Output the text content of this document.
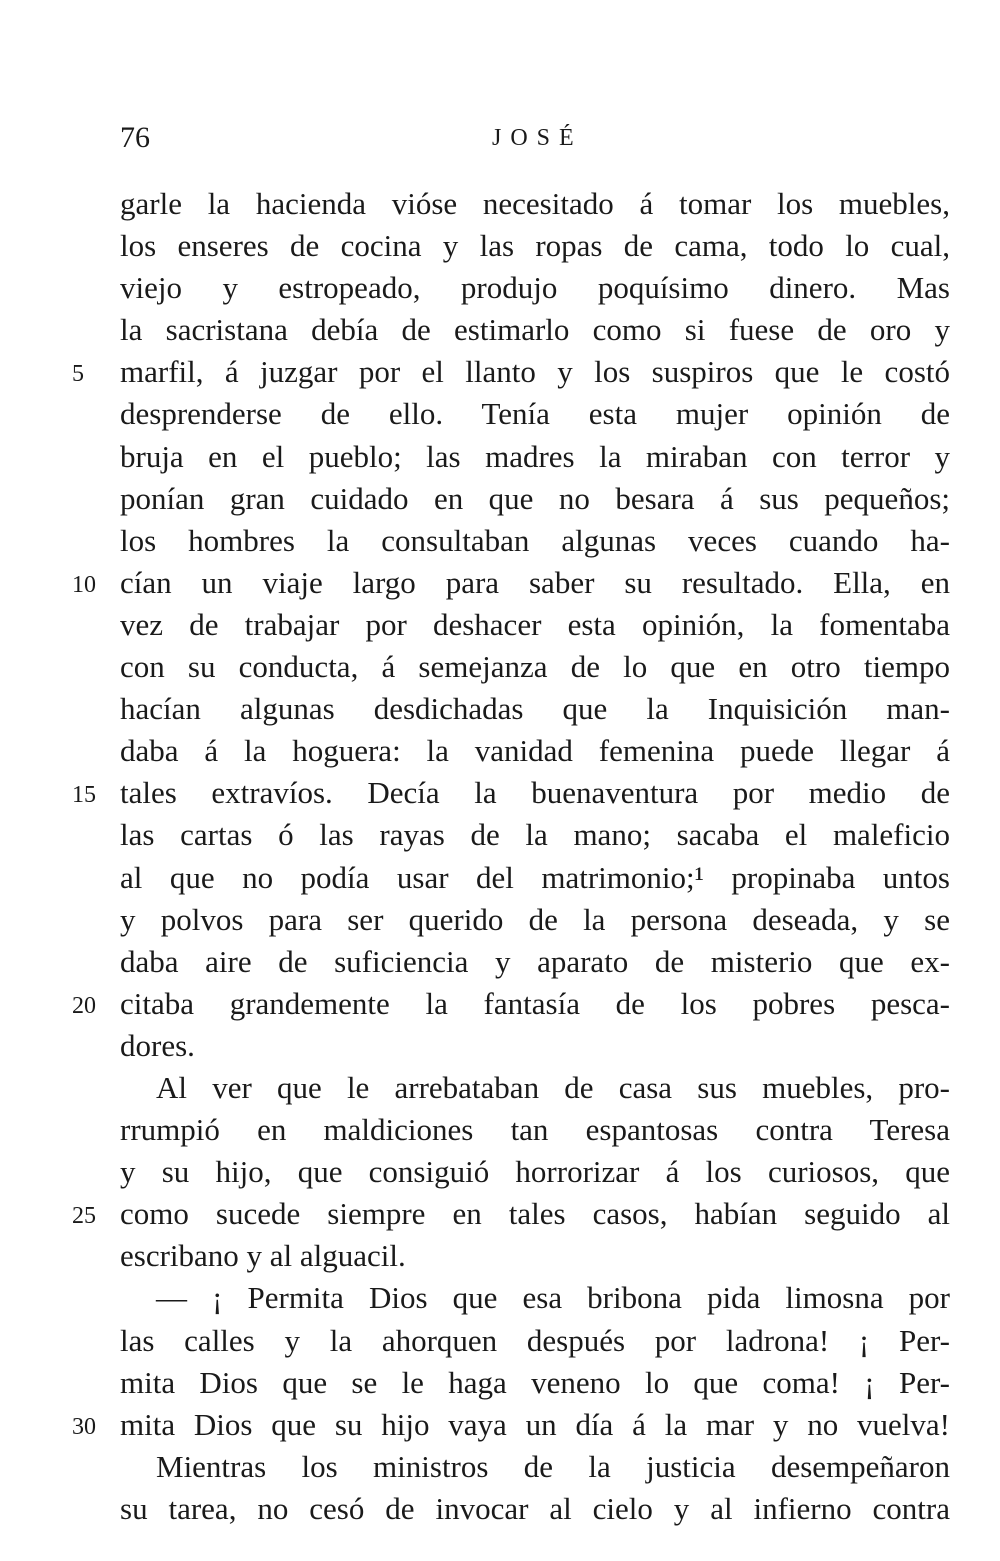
76	JOSÉ
garle la hacienda vióse necesitado á tomar los muebles,
los enseres de cocina y las ropas de cama, todo lo cual,
viejo y estropeado, produjo poquísimo dinero. Mas
la sacristana debía de estimarlo como si fuese de oro y
5	marfil, á juzgar por el llanto y los suspiros que le costó
desprenderse de ello. Tenía esta mujer opinión de
bruja en el pueblo; las madres la miraban con terror y
ponían gran cuidado en que no besara á sus pequeños;
los hombres la consultaban algunas veces cuando ha-
10 cían un viaje largo para saber su resultado. Ella, en
vez de trabajar por deshacer esta opinión, la fomentaba
con su conducta, á semejanza de lo que en otro tiempo
hacían algunas desdichadas que la Inquisición man-
daba á la hoguera: la vanidad femenina puede llegar á
15 tales extravíos. Decía la buenaventura por medio de
las cartas ó las rayas de la mano; sacaba el maleficio
al que no podía usar del matrimonio;¹ propinaba untos
y polvos para ser querido de la persona deseada, y se
daba aire de suficiencia y aparato de misterio que ex-
20 citaba grandemente la fantasía de los pobres pesca-
dores.
Al ver que le arrebataban de casa sus muebles, pro-
rrumpió en maldiciones tan espantosas contra Teresa
y su hijo, que consiguió horrorizar á los curiosos, que
25 como sucede siempre en tales casos, habían seguido al
escribano y al alguacil.
— ¡ Permita Dios que esa bribona pida limosna por
las calles y la ahorquen después por ladrona! ¡ Per-
mita Dios que se le haga veneno lo que coma! ¡ Per-
30 mita Dios que su hijo vaya un día á la mar y no vuelva!
Mientras los ministros de la justicia desempeñaron
su tarea, no cesó de invocar al cielo y al infierno contra
